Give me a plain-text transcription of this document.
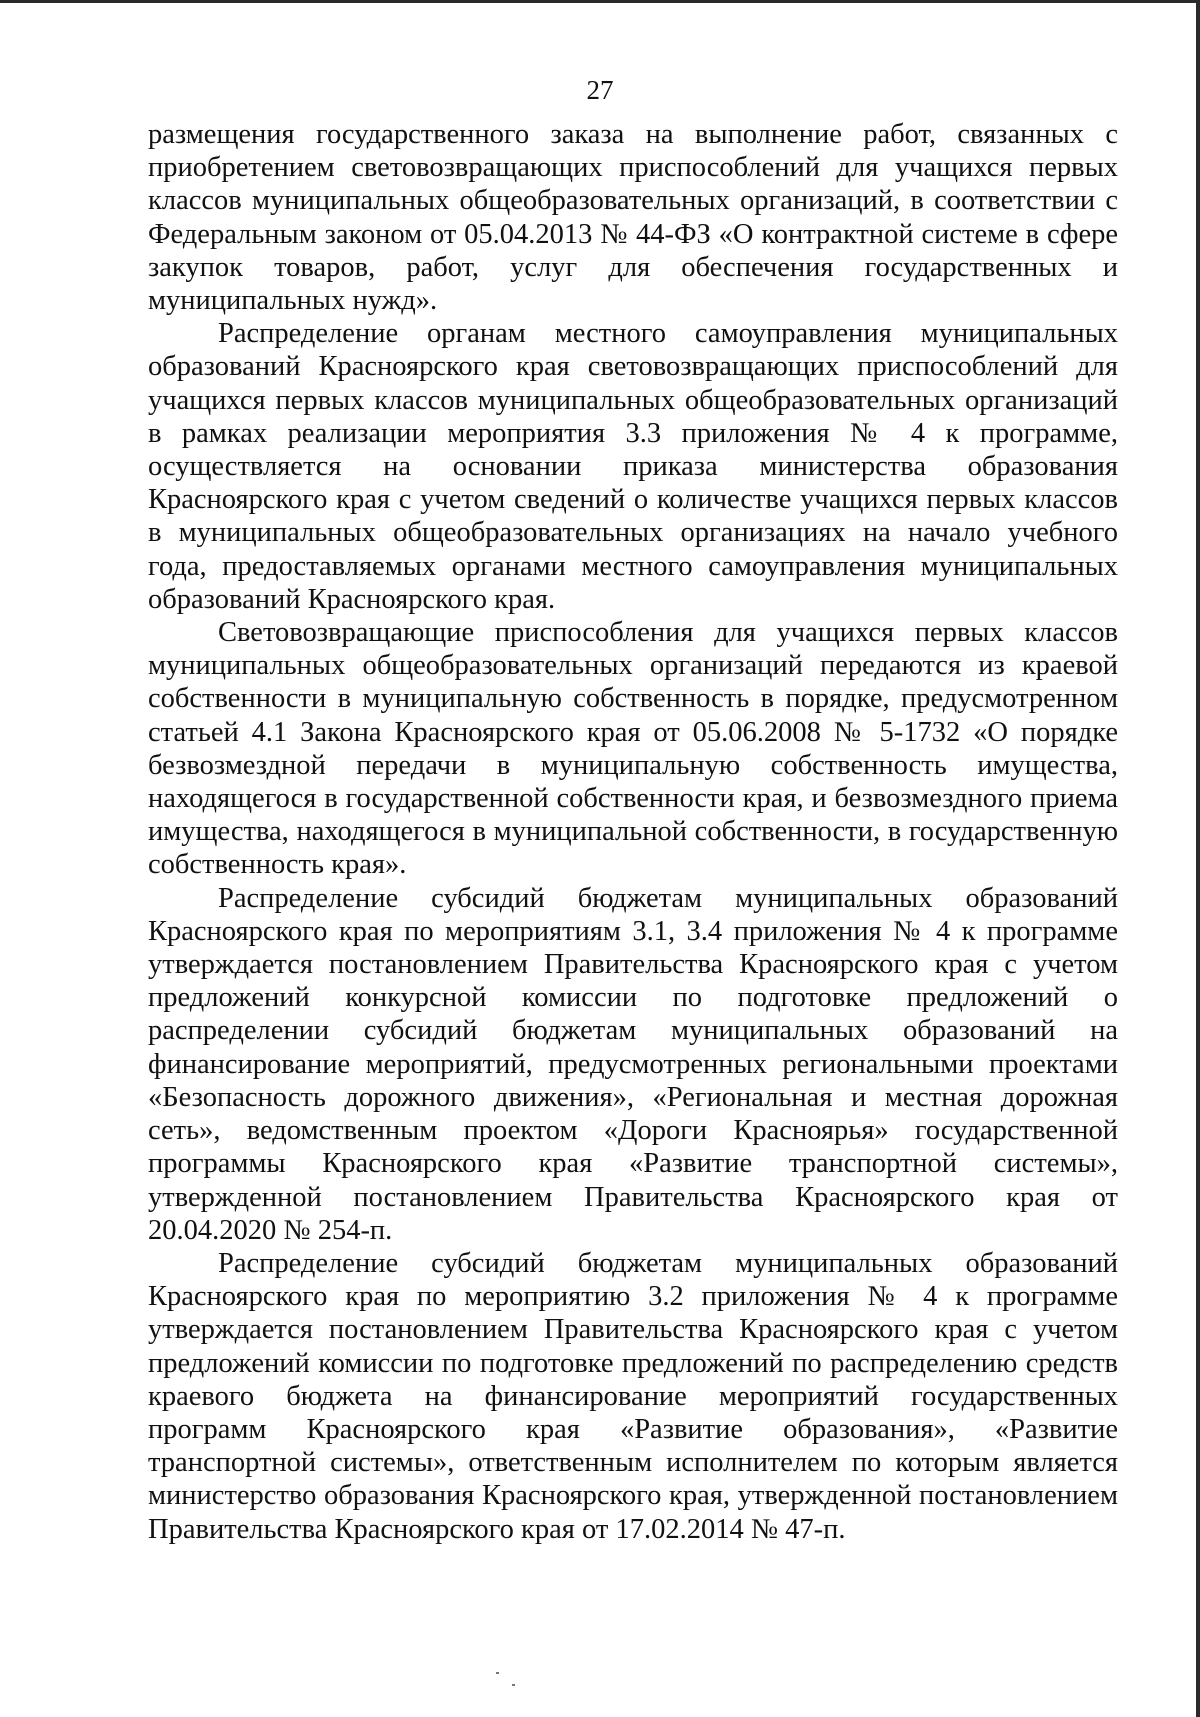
27

размещения государственного заказа на выполнение работ, связанных с приобретением световозвращающих приспособлений для учащихся первых классов муниципальных общеобразовательных организаций, в соответствии с Федеральным законом от 05.04.2013 № 44-ФЗ «О контрактной системе в сфере закупок товаров, работ, услуг для обеспечения государственных и муниципальных нужд».

Распределение органам местного самоуправления муниципальных образований Красноярского края световозвращающих приспособлений для учащихся первых классов муниципальных общеобразовательных организаций в рамках реализации мероприятия 3.3 приложения № 4 к программе, осуществляется на основании приказа министерства образования Красноярского края с учетом сведений о количестве учащихся первых классов в муниципальных общеобразовательных организациях на начало учебного года, предоставляемых органами местного самоуправления муниципальных образований Красноярского края.

Световозвращающие приспособления для учащихся первых классов муниципальных общеобразовательных организаций передаются из краевой собственности в муниципальную собственность в порядке, предусмотренном статьей 4.1 Закона Красноярского края от 05.06.2008 № 5-1732 «О порядке безвозмездной передачи в муниципальную собственность имущества, находящегося в государственной собственности края, и безвозмездного приема имущества, находящегося в муниципальной собственности, в государственную собственность края».

Распределение субсидий бюджетам муниципальных образований Красноярского края по мероприятиям 3.1, 3.4 приложения № 4 к программе утверждается постановлением Правительства Красноярского края с учетом предложений конкурсной комиссии по подготовке предложений о распределении субсидий бюджетам муниципальных образований на финансирование мероприятий, предусмотренных региональными проектами «Безопасность дорожного движения», «Региональная и местная дорожная сеть», ведомственным проектом «Дороги Красноярья» государственной программы Красноярского края «Развитие транспортной системы», утвержденной постановлением Правительства Красноярского края от 20.04.2020 № 254-п.

Распределение субсидий бюджетам муниципальных образований Красноярского края по мероприятию 3.2 приложения № 4 к программе утверждается постановлением Правительства Красноярского края с учетом предложений комиссии по подготовке предложений по распределению средств краевого бюджета на финансирование мероприятий государственных программ Красноярского края «Развитие образования», «Развитие транспортной системы», ответственным исполнителем по которым является министерство образования Красноярского края, утвержденной постановлением Правительства Красноярского края от 17.02.2014 № 47-п.
